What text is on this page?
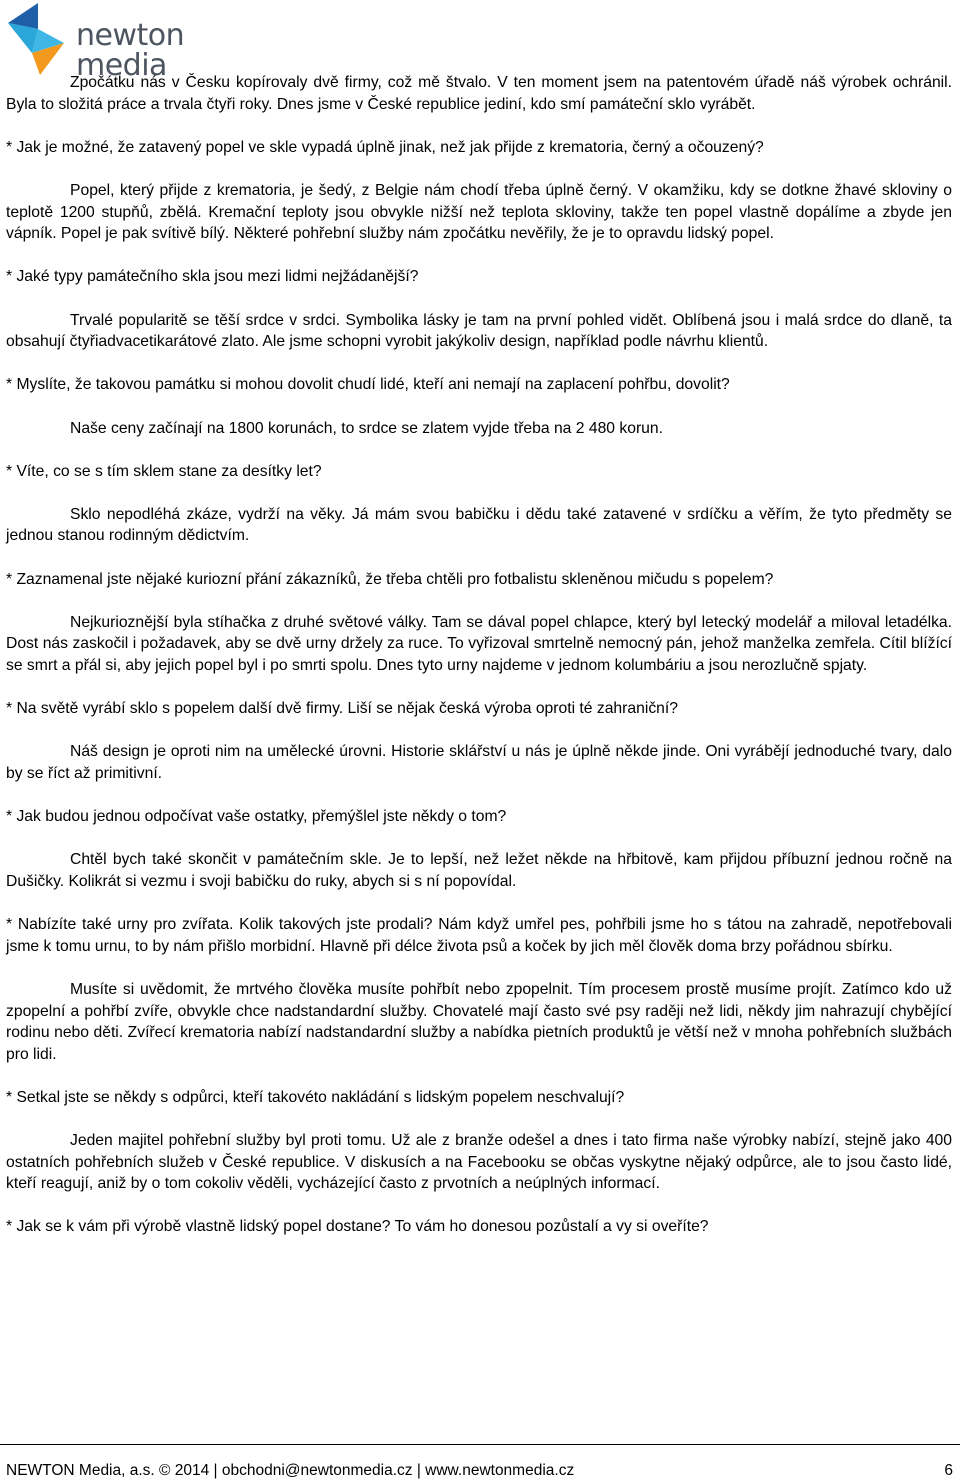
newton media

Zpočátku nás v Česku kopírovaly dvě firmy, což mě štvalo. V ten moment jsem na patentovém úřadě náš výrobek ochránil. Byla to složitá práce a trvala čtyři roky. Dnes jsme v České republice jediní, kdo smí památeční sklo vyrábět.

* Jak je možné, že zatavený popel ve skle vypadá úplně jinak, než jak přijde z krematoria, černý a očouzený?

Popel, který přijde z krematoria, je šedý, z Belgie nám chodí třeba úplně černý. V okamžiku, kdy se dotkne žhavé skloviny o teplotě 1200 stupňů, zbělá. Kremační teploty jsou obvykle nižší než teplota skloviny, takže ten popel vlastně dopálíme a zbyde jen vápník. Popel je pak svítivě bílý. Některé pohřební služby nám zpočátku nevěřily, že je to opravdu lidský popel.

* Jaké typy památečního skla jsou mezi lidmi nejžádanější?

Trvalé popularitě se těší srdce v srdci. Symbolika lásky je tam na první pohled vidět. Oblíbená jsou i malá srdce do dlaně, ta obsahují čtyřiadvacetikarátové zlato. Ale jsme schopni vyrobit jakýkoliv design, například podle návrhu klientů.

* Myslíte, že takovou památku si mohou dovolit chudí lidé, kteří ani nemají na zaplacení pohřbu, dovolit?

Naše ceny začínají na 1800 korunách, to srdce se zlatem vyjde třeba na 2 480 korun.

* Víte, co se s tím sklem stane za desítky let?

Sklo nepodléhá zkáze, vydrží na věky. Já mám svou babičku i dědu také zatavené v srdíčku a věřím, že tyto předměty se jednou stanou rodinným dědictvím.

* Zaznamenal jste nějaké kuriozní přání zákazníků, že třeba chtěli pro fotbalistu skleněnou mičudu s popelem?

Nejkurioznější byla stíhačka z druhé světové války. Tam se dával popel chlapce, který byl letecký modelář a miloval letadélka. Dost nás zaskočil i požadavek, aby se dvě urny držely za ruce. To vyřizoval smrtelně nemocný pán, jehož manželka zemřela. Cítil blížící se smrt a přál si, aby jejich popel byl i po smrti spolu. Dnes tyto urny najdeme v jednom kolumbáriu a jsou nerozlučně spjaty.

* Na světě vyrábí sklo s popelem další dvě firmy. Liší se nějak česká výroba oproti té zahraniční?

Náš design je oproti nim na umělecké úrovni. Historie sklářství u nás je úplně někde jinde. Oni vyrábějí jednoduché tvary, dalo by se říct až primitivní.

* Jak budou jednou odpočívat vaše ostatky, přemýšlel jste někdy o tom?

Chtěl bych také skončit v památečním skle. Je to lepší, než ležet někde na hřbitově, kam přijdou příbuzní jednou ročně na Dušičky. Kolikrát si vezmu i svoji babičku do ruky, abych si s ní popovídal.

* Nabízíte také urny pro zvířata. Kolik takových jste prodali? Nám když umřel pes, pohřbili jsme ho s tátou na zahradě, nepotřebovali jsme k tomu urnu, to by nám přišlo morbidní. Hlavně při délce života psů a koček by jich měl člověk doma brzy pořádnou sbírku.

Musíte si uvědomit, že mrtvého člověka musíte pohřbít nebo zpopelnit. Tím procesem prostě musíme projít. Zatímco kdo už zpopelní a pohřbí zvíře, obvykle chce nadstandardní služby. Chovatelé mají často své psy raději než lidi, někdy jim nahrazují chybějící rodinu nebo děti. Zvířecí krematoria nabízí nadstandardní služby a nabídka pietních produktů je větší než v mnoha pohřebních službách pro lidi.

* Setkal jste se někdy s odpůrci, kteří takovéto nakládání s lidským popelem neschvalují?

Jeden majitel pohřební služby byl proti tomu. Už ale z branže odešel a dnes i tato firma naše výrobky nabízí, stejně jako 400 ostatních pohřebních služeb v České republice. V diskusích a na Facebooku se občas vyskytne nějaký odpůrce, ale to jsou často lidé, kteří reagují, aniž by o tom cokoliv věděli, vycházející často z prvotních a neúplných informací.

* Jak se k vám při výrobě vlastně lidský popel dostane? To vám ho donesou pozůstalí a vy si oveříte?

NEWTON Media, a.s. © 2014 | obchodni@newtonmedia.cz | www.newtonmedia.cz	6
